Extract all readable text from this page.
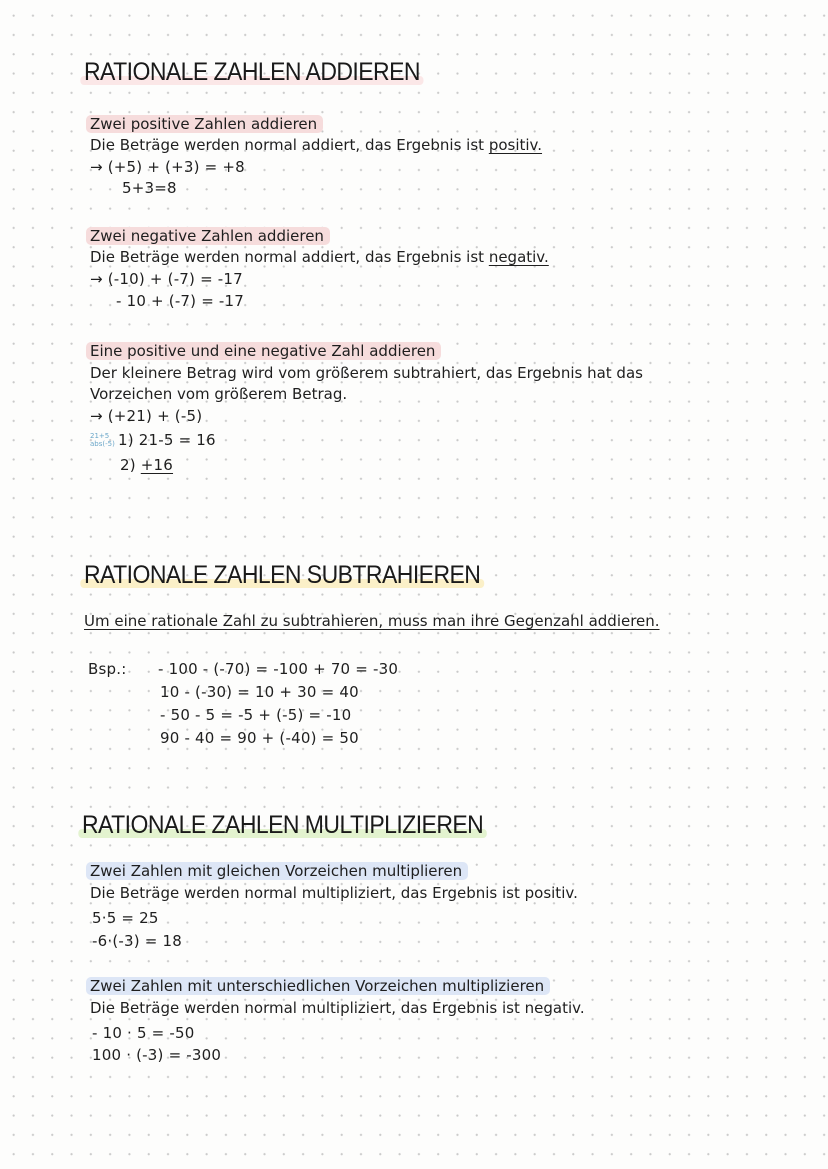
RATIONALE ZAHLEN ADDIEREN
Zwei positive Zahlen addieren
Die Beträge werden normal addiert, das Ergebnis ist positiv.
→ (+5) + (+3) = +8
5+3=8
Zwei negative Zahlen addieren
Die Beträge werden normal addiert, das Ergebnis ist negativ.
→ (-10) + (-7) = -17
- 10 + (-7) = -17
Eine positive und eine negative Zahl addieren
Der kleinere Betrag wird vom größerem subtrahiert, das Ergebnis hat das
Vorzeichen vom größerem Betrag.
→ (+21) + (-5)
21+5 abs(-5) 1) 21-5 = 16
2) +16
RATIONALE ZAHLEN SUBTRAHIEREN
Um eine rationale Zahl zu subtrahieren, muss man ihre Gegenzahl addieren.
Bsp.: - 100 - (-70) = -100 + 70 = -30
10 - (-30) = 10 + 30 = 40
- 50 - 5 = -5 + (-5) = -10
90 - 40 = 90 + (-40) = 50
RATIONALE ZAHLEN MULTIPLIZIEREN
Zwei Zahlen mit gleichen Vorzeichen multiplieren
Die Beträge werden normal multipliziert, das Ergebnis ist positiv.
5·5 = 25
-6·(-3) = 18
Zwei Zahlen mit unterschiedlichen Vorzeichen multiplizieren
Die Beträge werden normal multipliziert, das Ergebnis ist negativ.
- 10 · 5 = -50
100 · (-3) = -300
